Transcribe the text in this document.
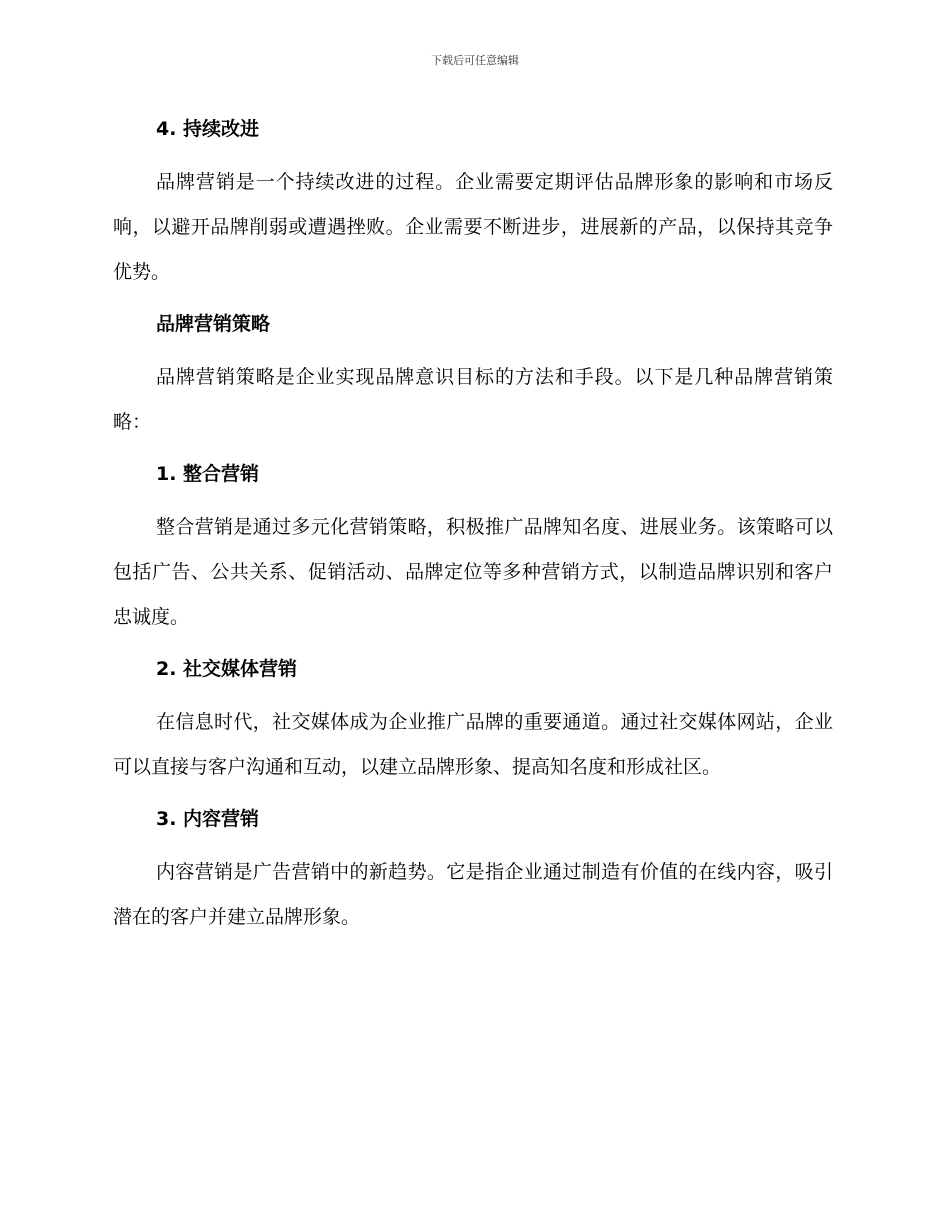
下载后可任意编辑
4. 持续改进

品牌营销是一个持续改进的过程。企业需要定期评估品牌形象的影响和市场反响，以避开品牌削弱或遭遇挫败。企业需要不断进步，进展新的产品，以保持其竞争优势。

品牌营销策略

品牌营销策略是企业实现品牌意识目标的方法和手段。以下是几种品牌营销策略：

1. 整合营销

整合营销是通过多元化营销策略，积极推广品牌知名度、进展业务。该策略可以包括广告、公共关系、促销活动、品牌定位等多种营销方式，以制造品牌识别和客户忠诚度。

2. 社交媒体营销

在信息时代，社交媒体成为企业推广品牌的重要通道。通过社交媒体网站，企业可以直接与客户沟通和互动，以建立品牌形象、提高知名度和形成社区。

3. 内容营销

内容营销是广告营销中的新趋势。它是指企业通过制造有价值的在线内容，吸引潜在的客户并建立品牌形象。
